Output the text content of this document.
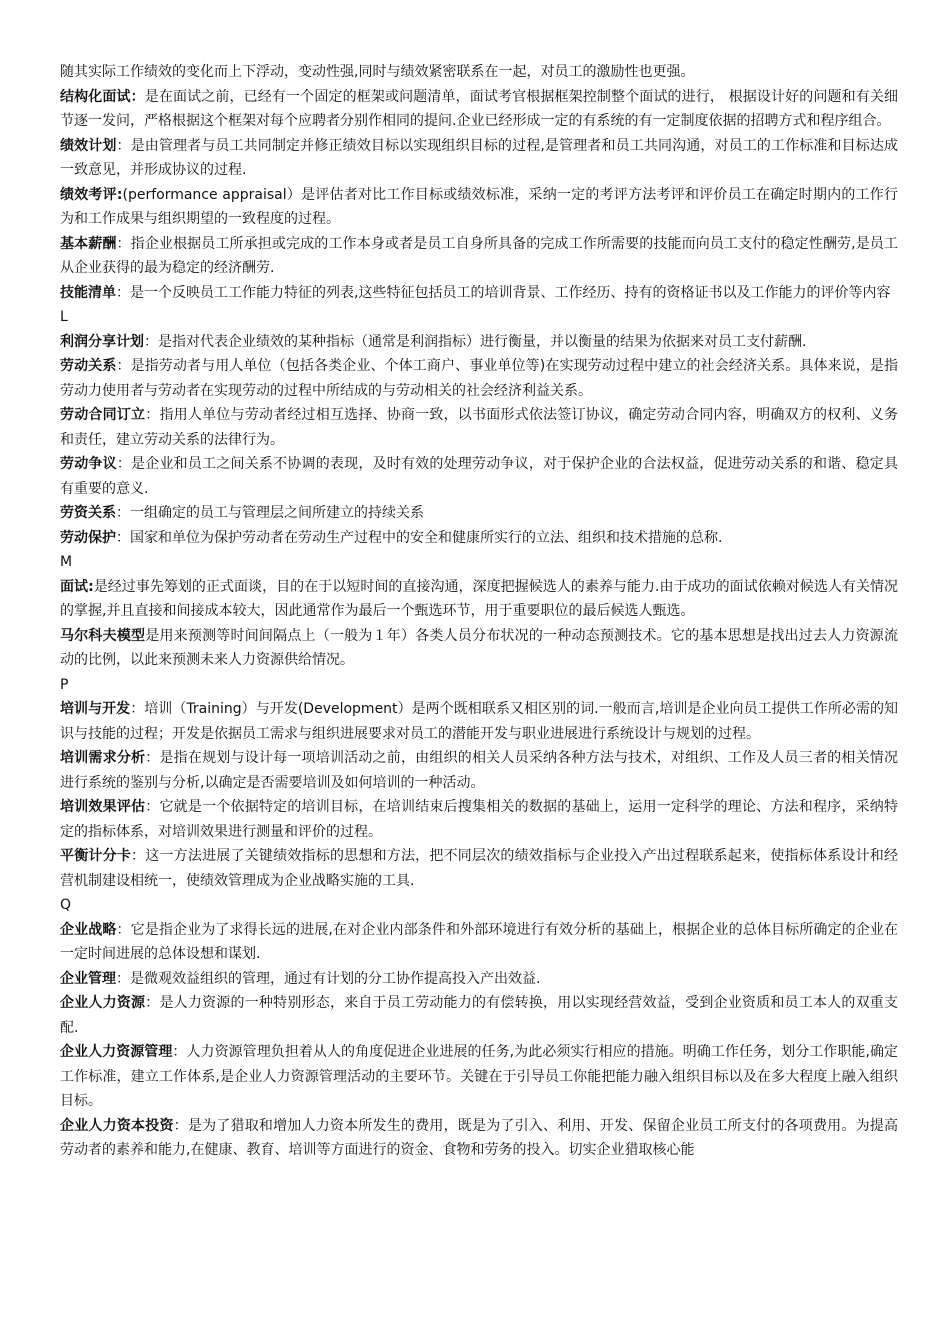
随其实际工作绩效的变化而上下浮动，变动性强,同时与绩效紧密联系在一起，对员工的激励性也更强。

结构化面试：是在面试之前，已经有一个固定的框架或问题清单，面试考官根据框架控制整个面试的进行， 根据设计好的问题和有关细节逐一发问，严格根据这个框架对每个应聘者分别作相同的提问.企业已经形成一定的有系统的有一定制度依据的招聘方式和程序组合。

绩效计划：是由管理者与员工共同制定并修正绩效目标以实现组织目标的过程,是管理者和员工共同沟通，对员工的工作标准和目标达成一致意见，并形成协议的过程.

绩效考评:(performance appraisal）是评估者对比工作目标或绩效标准，采纳一定的考评方法考评和评价员工在确定时期内的工作行为和工作成果与组织期望的一致程度的过程。

基本薪酬：指企业根据员工所承担或完成的工作本身或者是员工自身所具备的完成工作所需要的技能而向员工支付的稳定性酬劳,是员工从企业获得的最为稳定的经济酬劳.

技能清单：是一个反映员工工作能力特征的列表,这些特征包括员工的培训背景、工作经历、持有的资格证书以及工作能力的评价等内容

L

利润分享计划：是指对代表企业绩效的某种指标（通常是利润指标）进行衡量，并以衡量的结果为依据来对员工支付薪酬.

劳动关系：是指劳动者与用人单位（包括各类企业、个体工商户、事业单位等)在实现劳动过程中建立的社会经济关系。具体来说，是指劳动力使用者与劳动者在实现劳动的过程中所结成的与劳动相关的社会经济利益关系。

劳动合同订立：指用人单位与劳动者经过相互选择、协商一致，以书面形式依法签订协议，确定劳动合同内容，明确双方的权利、义务和责任，建立劳动关系的法律行为。

劳动争议：是企业和员工之间关系不协调的表现，及时有效的处理劳动争议，对于保护企业的合法权益，促进劳动关系的和谐、稳定具有重要的意义.

劳资关系：一组确定的员工与管理层之间所建立的持续关系

劳动保护：国家和单位为保护劳动者在劳动生产过程中的安全和健康所实行的立法、组织和技术措施的总称.

M

面试:是经过事先筹划的正式面谈，目的在于以短时间的直接沟通，深度把握候选人的素养与能力.由于成功的面试依赖对候选人有关情况的掌握,并且直接和间接成本较大，因此通常作为最后一个甄选环节，用于重要职位的最后候选人甄选。

马尔科夫模型是用来预测等时间间隔点上（一般为１年）各类人员分布状况的一种动态预测技术。它的基本思想是找出过去人力资源流动的比例，以此来预测未来人力资源供给情况。

P

培训与开发：培训（Training）与开发(Development）是两个既相联系又相区别的词.一般而言,培训是企业向员工提供工作所必需的知识与技能的过程；开发是依据员工需求与组织进展要求对员工的潜能开发与职业进展进行系统设计与规划的过程。

培训需求分析：是指在规划与设计每一项培训活动之前，由组织的相关人员采纳各种方法与技术，对组织、工作及人员三者的相关情况进行系统的鉴别与分析,以确定是否需要培训及如何培训的一种活动。

培训效果评估：它就是一个依据特定的培训目标，在培训结束后搜集相关的数据的基础上，运用一定科学的理论、方法和程序，采纳特定的指标体系，对培训效果进行测量和评价的过程。

平衡计分卡：这一方法进展了关键绩效指标的思想和方法，把不同层次的绩效指标与企业投入产出过程联系起来，使指标体系设计和经营机制建设相统一，使绩效管理成为企业战略实施的工具.

Q

企业战略：它是指企业为了求得长远的进展,在对企业内部条件和外部环境进行有效分析的基础上，根据企业的总体目标所确定的企业在一定时间进展的总体设想和谋划.

企业管理：是微观效益组织的管理，通过有计划的分工协作提高投入产出效益.

企业人力资源：是人力资源的一种特别形态，来自于员工劳动能力的有偿转换，用以实现经营效益，受到企业资质和员工本人的双重支配.

企业人力资源管理：人力资源管理负担着从人的角度促进企业进展的任务,为此必须实行相应的措施。明确工作任务，划分工作职能,确定工作标准，建立工作体系,是企业人力资源管理活动的主要环节。关键在于引导员工你能把能力融入组织目标以及在多大程度上融入组织目标。

企业人力资本投资：是为了猎取和增加人力资本所发生的费用，既是为了引入、利用、开发、保留企业员工所支付的各项费用。为提高劳动者的素养和能力,在健康、教育、培训等方面进行的资金、食物和劳务的投入。切实企业猎取核心能
